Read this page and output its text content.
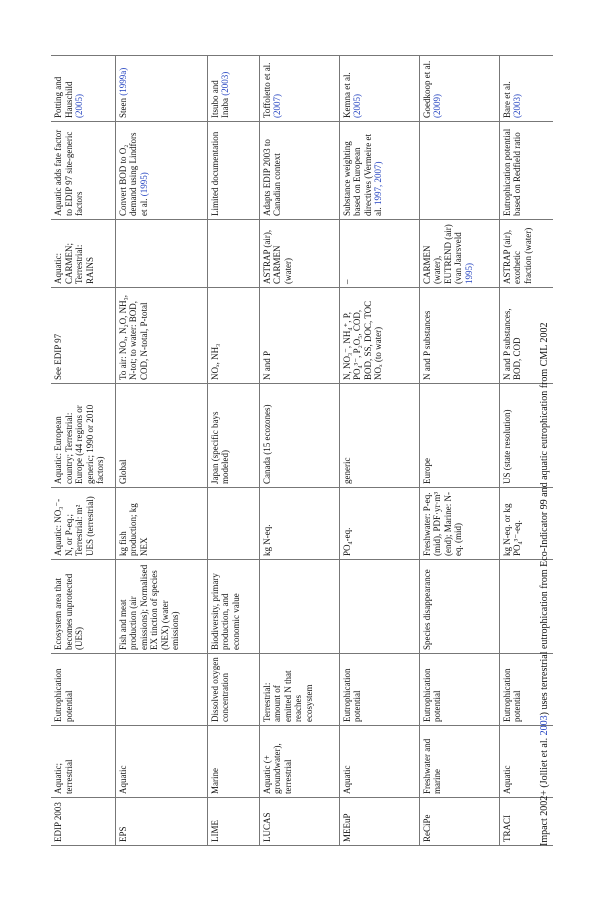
EDIP 2003	Aquatic; terrestrial	Eutrophication potential	Ecosystem area that becomes unprotected (UES)	Aquatic: NO₃⁻-N, or P-eq.; Terrestrial: m² UES (terrestrial)	Aquatic: European country; Terrestrial: Europe (44 regions or generic; 1990 or 2010 factors)	See EDIP 97	Aquatic: CARMEN; Terrestrial: RAINS	Aquatic adds fate factor to EDIP 97 site-generic factors	Potting and Hauschild (2005)
EPS	Aquatic		Fish and meat production (air emissions); Normalised EX tinction of species (NEX) (water emissions)	kg fish production; kg NEX	Global	To air: NOₓ, N₂O, NH₃, N-tot; to water: BOD, COD, N-total, P-total		Convert BOD to O₂ demand using Lindfors et al. (1995)	Steen (1999a)
LIME	Marine	Dissolved oxygen concentration	Biodiversity, primary production, and economic value		Japan (specific bays modeled)	NOₓ, NH₃		Limited documentation	Itsubo and Inaba (2003)
LUCAS	Aquatic (+ groundwater), terrestrial	Terrestrial: amount of emitted N that reaches ecosystem		kg N-eq.	Canada (15 ecozones)	N and P	ASTRAP (air), CARMEN (water)	Adapts EDIP 2003 to Canadian context	Toffoletto et al. (2007)
MEEuP	Aquatic	Eutrophication potential		PO₄-eq.	generic	N, NO₃⁻, NH₄⁺, P, PO₄³⁻, P₂O₅, COD, BOD, SS, DOC, TOC NOₓ (to water)	–	Substance weighting based on European directives (Vermeire et al. 1997, 2007)	Kemna et al. (2005)
ReCiPe	Freshwater and marine	Eutrophication potential	Species disappearance	Freshwater: P-eq. (mid), PDF·yr·m³ (end); Marine: N-eq. (mid)	Europe	N and P substances	CARMEN (water), EUTREND (air) (van Jaarsveld 1995)		Goedkoop et al. (2009)
TRACI	Aquatic	Eutrophication potential		kg N-eq. or kg PO₄³⁻-eq.	US (state resolution)	N and P substances, BOD, COD	ASTRAP (air), exothetic fraction (water)	Eutrophication potential based on Redfield ratio	Bare et al. (2003)
Impact 2002+ (Jolliet et al. 2003) uses terrestrial eutrophication from Eco-Indicator 99 and aquatic eutrophication from CML 2002
